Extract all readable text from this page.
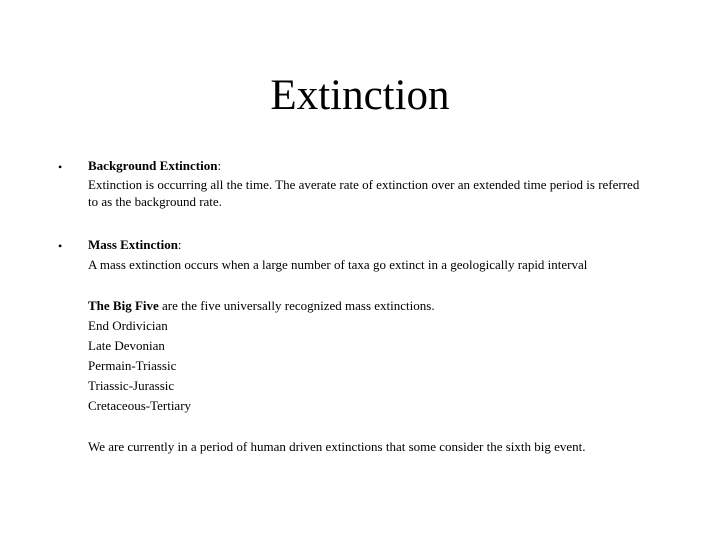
Extinction
• Background Extinction:
Extinction is occurring all the time. The averate rate of extinction over an extended time period is referred to as the background rate.
• Mass Extinction:
A mass extinction occurs when a large number of taxa go extinct in a geologically rapid interval
The Big Five are the five universally recognized mass extinctions.
End Ordivician
Late Devonian
Permain-Triassic
Triassic-Jurassic
Cretaceous-Tertiary
We are currently in a period of human driven extinctions that some consider the sixth big event.
